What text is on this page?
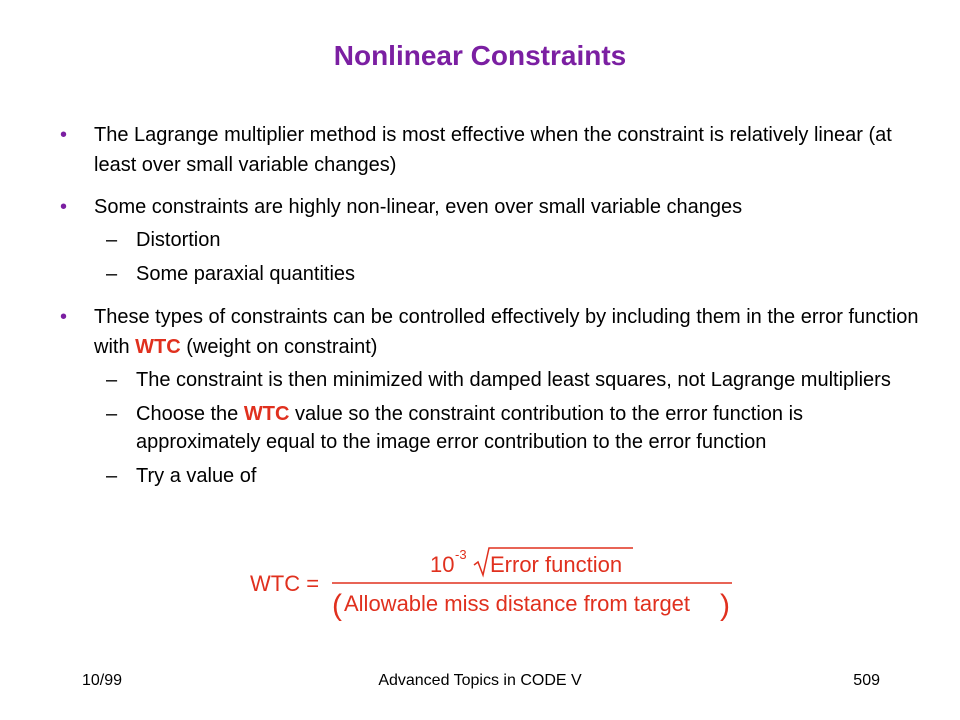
Nonlinear Constraints
• The Lagrange multiplier method is most effective when the constraint is relatively linear (at least over small variable changes)
• Some constraints are highly non-linear, even over small variable changes
– Distortion
– Some paraxial quantities
• These types of constraints can be controlled effectively by including them in the error function with WTC (weight on constraint)
– The constraint is then minimized with damped least squares, not Lagrange multipliers
– Choose the WTC value so the constraint contribution to the error function is approximately equal to the image error contribution to the error function
– Try a value of
WTC =
10 -3 Error function
( Allowable miss distance from target )
10/99	Advanced Topics in CODE V	509
